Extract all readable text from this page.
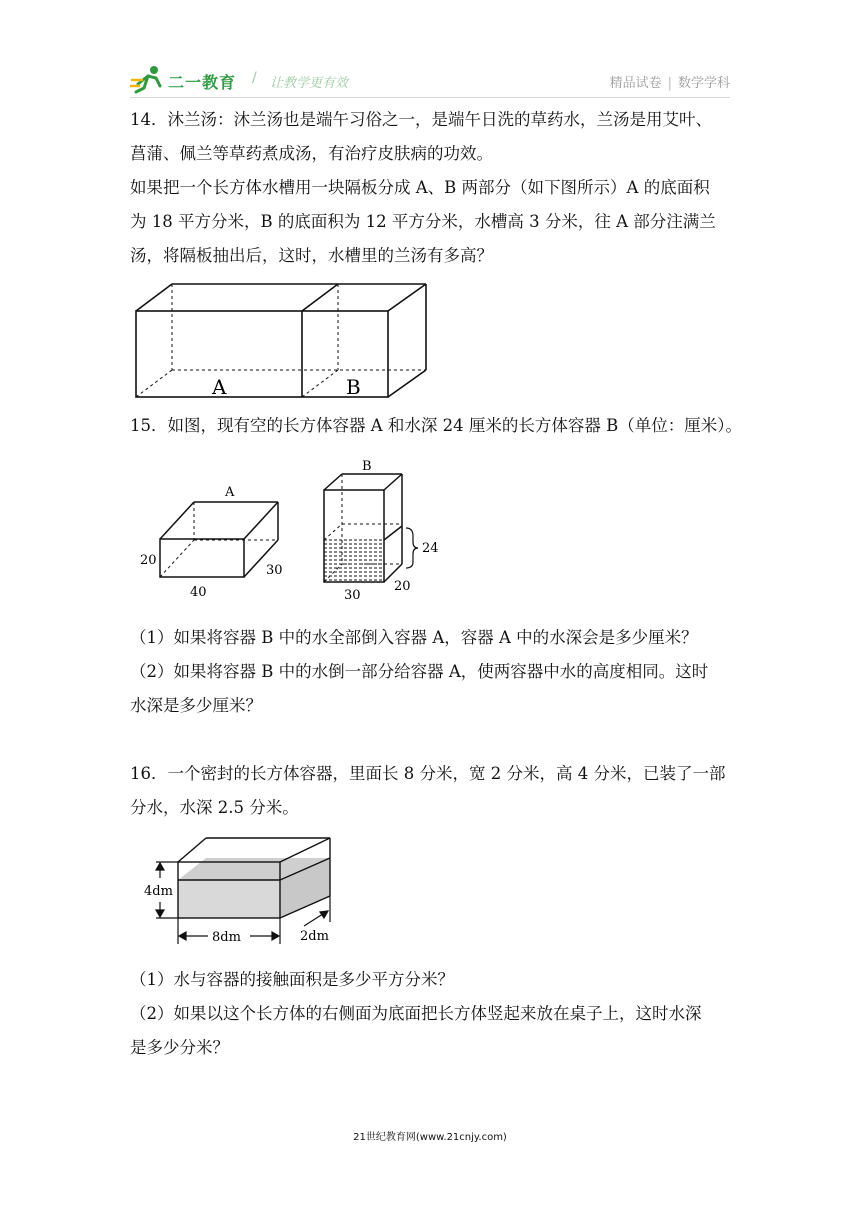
二一教育 / 让教学更有效	精品试卷 | 数学学科
14．沐兰汤：沐兰汤也是端午习俗之一，是端午日洗的草药水，兰汤是用艾叶、
菖蒲、佩兰等草药煮成汤，有治疗皮肤病的功效。
如果把一个长方体水槽用一块隔板分成 A、B 两部分（如下图所示）A 的底面积
为 18 平方分米，B 的底面积为 12 平方分米，水槽高 3 分米，往 A 部分注满兰
汤，将隔板抽出后，这时，水槽里的兰汤有多高？
A	B
15．如图，现有空的长方体容器 A 和水深 24 厘米的长方体容器 B（单位：厘米）。
A
20
40
30
B
24
30
20
（1）如果将容器 B 中的水全部倒入容器 A，容器 A 中的水深会是多少厘米？
（2）如果将容器 B 中的水倒一部分给容器 A，使两容器中水的高度相同。这时
水深是多少厘米？
16．一个密封的长方体容器，里面长 8 分米，宽 2 分米，高 4 分米，已装了一部
分水，水深 2.5 分米。
4dm
8dm	2dm
（1）水与容器的接触面积是多少平方分米？
（2）如果以这个长方体的右侧面为底面把长方体竖起来放在桌子上，这时水深
是多少分米？
21世纪教育网(www.21cnjy.com)
